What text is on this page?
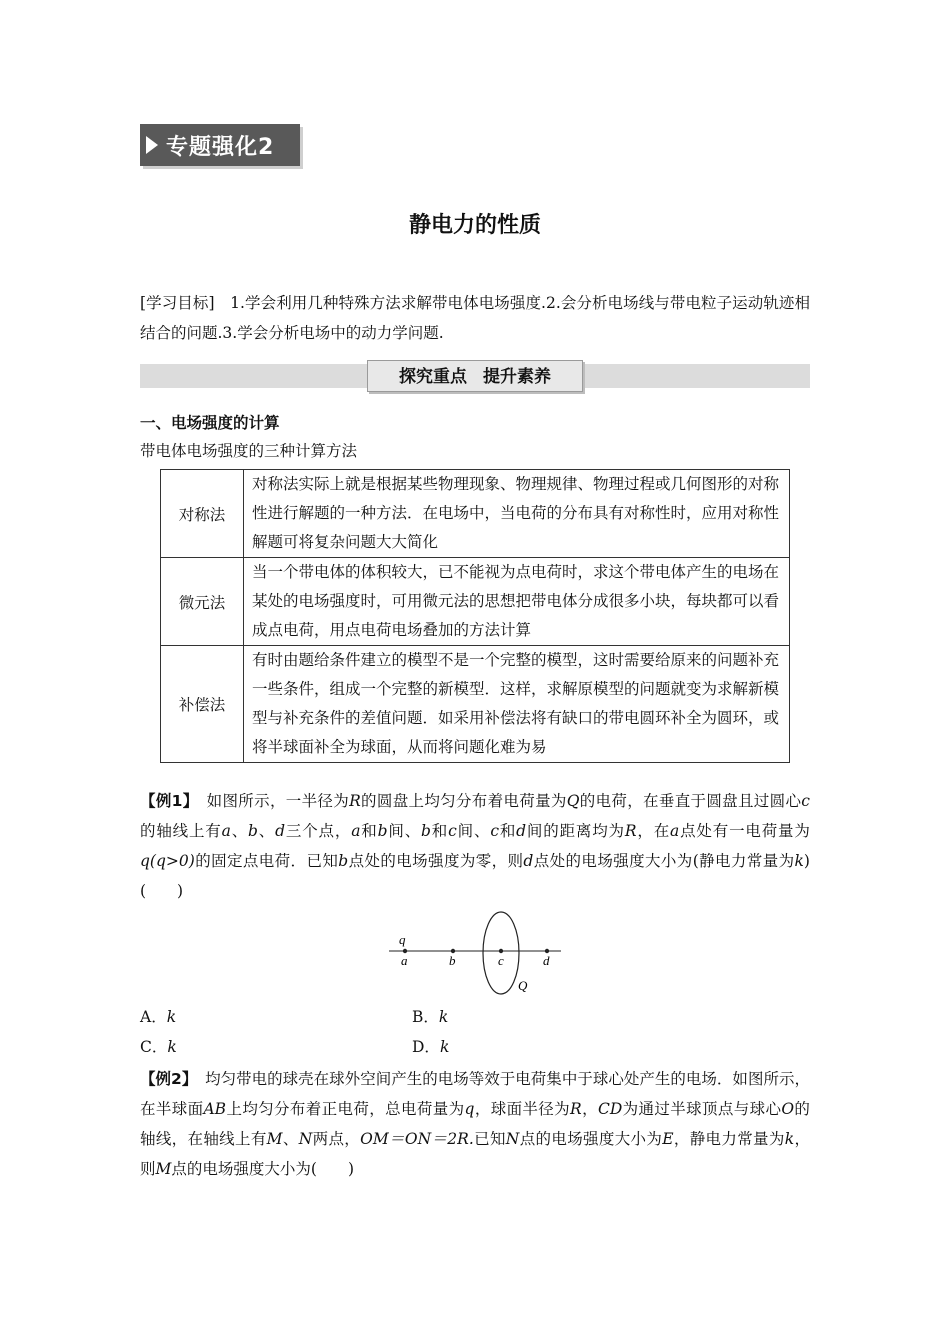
专题强化2
静电力的性质
[学习目标]　 1.学会利用几种特殊方法求解带电体电场强度.2.会分析电场线与带电粒子运动轨迹相结合的问题.3.学会分析电场中的动力学问题.
探究重点 提升素养
一、电场强度的计算
带电体电场强度的三种计算方法
对称法	对称法实际上就是根据某些物理现象、物理规律、物理过程或几何图形的对称性进行解题的一种方法．在电场中，当电荷的分布具有对称性时，应用对称性解题可将复杂问题大大简化
微元法	当一个带电体的体积较大，已不能视为点电荷时，求这个带电体产生的电场在某处的电场强度时，可用微元法的思想把带电体分成很多小块，每块都可以看成点电荷，用点电荷电场叠加的方法计算
补偿法	有时由题给条件建立的模型不是一个完整的模型，这时需要给原来的问题补充一些条件，组成一个完整的新模型．这样，求解原模型的问题就变为求解新模型与补充条件的差值问题．如采用补偿法将有缺口的带电圆环补全为圆环，或将半球面补全为球面，从而将问题化难为易
【例1】　 如图所示，一半径为R的圆盘上均匀分布着电荷量为Q的电荷，在垂直于圆盘且过圆心c的轴线上有a、b、d三个点，a和b间、b和c间、c和d间的距离均为R，在a点处有一电荷量为q(q>0)的固定点电荷．已知b点处的电场强度为零，则d点处的电场强度大小为(静电力常量为k)(　　)
q
a	b	c	d
Q
A．k	B．k
C．k	D．k
【例2】　 均匀带电的球壳在球外空间产生的电场等效于电荷集中于球心处产生的电场．如图所示，在半球面AB上均匀分布着正电荷，总电荷量为q，球面半径为R，CD为通过半球顶点与球心O的轴线，在轴线上有M、N两点，OM＝ON＝2R.已知N点的电场强度大小为E，静电力常量为k，则M点的电场强度大小为(　　)
